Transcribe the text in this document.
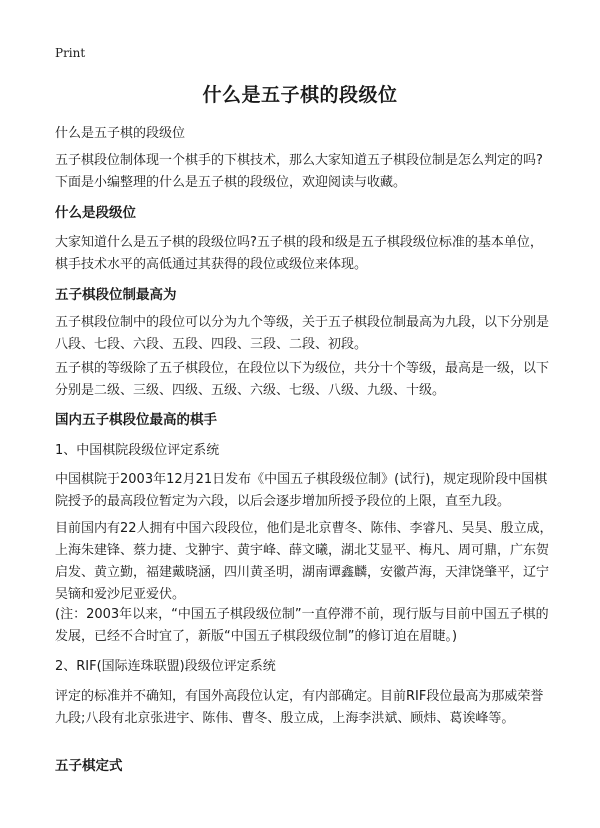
Print
什么是五子棋的段级位
什么是五子棋的段级位

五子棋段位制体现一个棋手的下棋技术，那么大家知道五子棋段位制是怎么判定的吗?下面是小编整理的什么是五子棋的段级位，欢迎阅读与收藏。

什么是段级位

大家知道什么是五子棋的段级位吗?五子棋的段和级是五子棋段级位标准的基本单位，棋手技术水平的高低通过其获得的段位或级位来体现。

五子棋段位制最高为

五子棋段位制中的段位可以分为九个等级，关于五子棋段位制最高为九段，以下分别是八段、七段、六段、五段、四段、三段、二段、初段。

五子棋的等级除了五子棋段位，在段位以下为级位，共分十个等级，最高是一级，以下分别是二级、三级、四级、五级、六级、七级、八级、九级、十级。

国内五子棋段位最高的棋手
1、中国棋院段级位评定系统

中国棋院于2003年12月21日发布《中国五子棋段级位制》(试行)，规定现阶段中国棋院授予的最高段位暂定为六段，以后会逐步增加所授予段位的上限，直至九段。

目前国内有22人拥有中国六段段位，他们是北京曹冬、陈伟、李睿凡、吴昊、殷立成，上海朱建锋、蔡力捷、戈翀宇、黄宇峰、薛文曦，湖北艾显平、梅凡、周可鼎，广东贺启发、黄立勤，福建戴晓涵，四川黄圣明，湖南谭鑫麟，安徽芦海，天津饶肇平，辽宁吴镝和爱沙尼亚爱伏。

(注：2003年以来，“中国五子棋段级位制”一直停滞不前，现行版与目前中国五子棋的发展，已经不合时宜了，新版“中国五子棋段级位制”的修订迫在眉睫。)

2、RIF(国际连珠联盟)段级位评定系统

评定的标准并不确知，有国外高段位认定，有内部确定。目前RIF段位最高为那威荣誉九段;八段有北京张进宇、陈伟、曹冬、殷立成，上海李洪斌、顾炜、葛诶峰等。

五子棋定式
